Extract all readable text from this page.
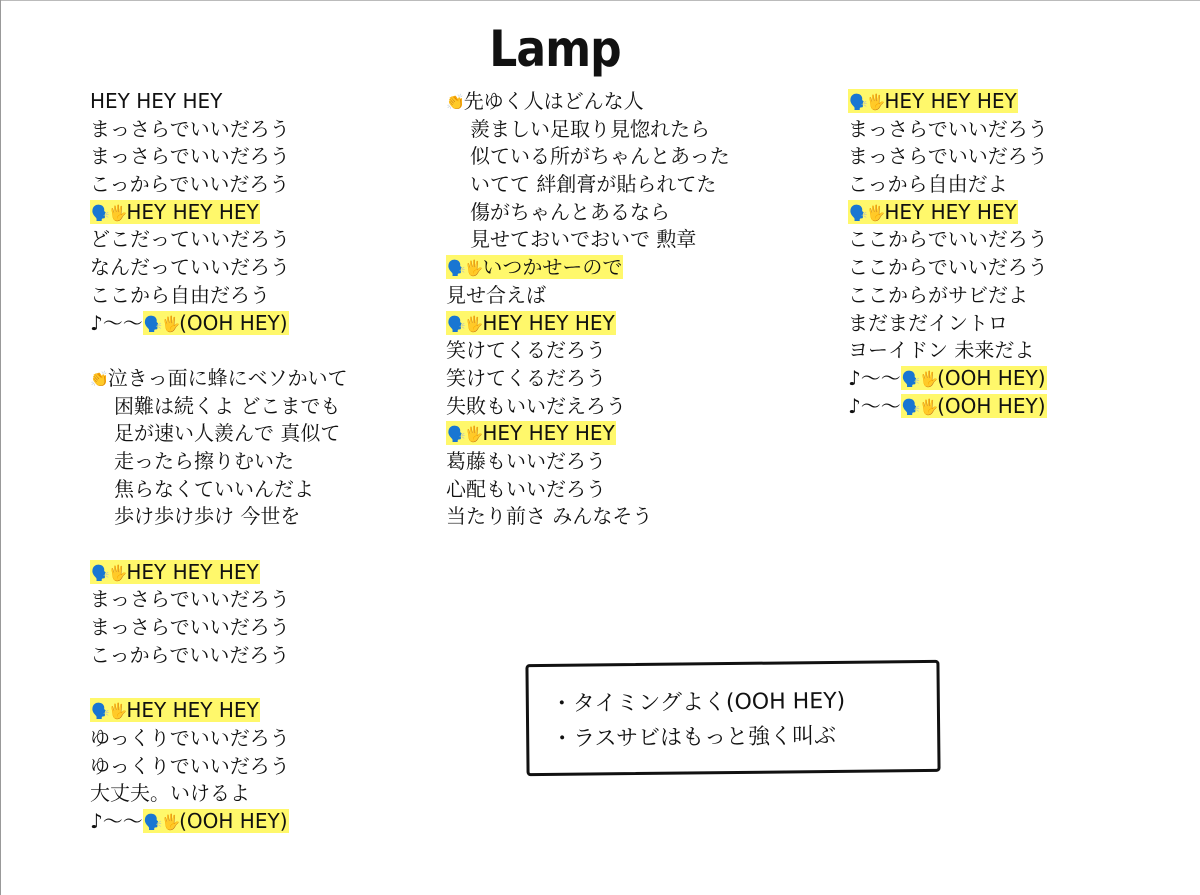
Lamp
HEY HEY HEY
まっさらでいいだろう
まっさらでいいだろう
こっからでいいだろう
🗣️🖐HEY HEY HEY
どこだっていいだろう
なんだっていいだろう
ここから自由だろう
♪〜〜🗣️🖐(OOH HEY)
👏泣きっ面に蜂にベソかいて
困難は続くよ どこまでも
足が速い人羨んで 真似て
走ったら擦りむいた
焦らなくていいんだよ
歩け歩け歩け 今世を
🗣️🖐HEY HEY HEY
まっさらでいいだろう
まっさらでいいだろう
こっからでいいだろう
🗣️🖐HEY HEY HEY
ゆっくりでいいだろう
ゆっくりでいいだろう
大丈夫。いけるよ
♪〜〜🗣️🖐(OOH HEY)
👏先ゆく人はどんな人
羨ましい足取り見惚れたら
似ている所がちゃんとあった
いてて 絆創膏が貼られてた
傷がちゃんとあるなら
見せておいでおいで 勲章
🗣️🖐いつかせーので
見せ合えば
🗣️🖐HEY HEY HEY
笑けてくるだろう
笑けてくるだろう
失敗もいいだえろう
🗣️🖐HEY HEY HEY
葛藤もいいだろう
心配もいいだろう
当たり前さ みんなそう
🗣️🖐HEY HEY HEY
まっさらでいいだろう
まっさらでいいだろう
こっから自由だよ
🗣️🖐HEY HEY HEY
ここからでいいだろう
ここからでいいだろう
ここからがサビだよ
まだまだイントロ
ヨーイドン 未来だよ
♪〜〜🗣️🖐(OOH HEY)
♪〜〜🗣️🖐(OOH HEY)
・タイミングよく(OOH HEY)
・ラスサビはもっと強く叫ぶ
